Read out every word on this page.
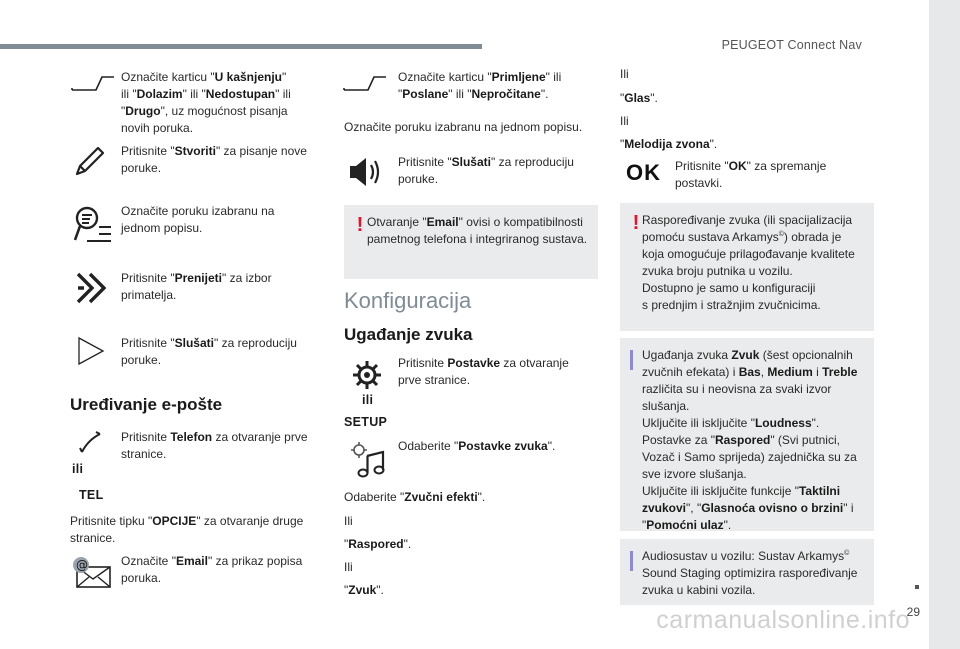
PEUGEOT Connect Nav
29
carmanualsonline.info
Označite karticu "U kašnjenju"
ili "Dolazim" ili "Nedostupan" ili
"Drugo", uz mogućnost pisanja
novih poruka.
Pritisnite "Stvoriti" za pisanje nove
poruke.
Označite poruku izabranu na
jednom popisu.
Pritisnite "Prenijeti" za izbor
primatelja.
Pritisnite "Slušati" za reproduciju
poruke.
Uređivanje e-pošte
ili
TEL
Pritisnite Telefon za otvaranje prve
stranice.
Pritisnite tipku "OPCIJE" za otvaranje druge
stranice.
@	Označite "Email" za prikaz popisa
poruka.
Označite karticu "Primljene" ili
"Poslane" ili "Nepročitane".
Označite poruku izabranu na jednom popisu.
Pritisnite "Slušati" za reproduciju
poruke.
! Otvaranje "Email" ovisi o kompatibilnosti
pametnog telefona i integriranog sustava.
Konfiguracija
Ugađanje zvuka
ili
SETUP
Pritisnite Postavke za otvaranje
prve stranice.
Odaberite "Postavke zvuka".
Odaberite "Zvučni efekti".
Ili
"Raspored".
Ili
"Zvuk".
Ili
"Glas".
Ili
"Melodija zvona".
OK Pritisnite "OK" za spremanje
postavki.
! Raspoređivanje zvuka (ili spacijalizacija
pomoću sustava Arkamys©) obrada je
koja omogućuje prilagođavanje kvalitete
zvuka broju putnika u vozilu.
Dostupno je samo u konfiguraciji
s prednjim i stražnjim zvučnicima.
Ugađanja zvuka Zvuk (šest opcionalnih
zvučnih efekata) i Bas, Medium i Treble
različita su i neovisna za svaki izvor
slušanja.
Uključite ili isključite "Loudness".
Postavke za "Raspored" (Svi putnici,
Vozač i Samo sprijeda) zajednička su za
sve izvore slušanja.
Uključite ili isključite funkcije "Taktilni
zvukovi", "Glasnoća ovisno o brzini" i
"Pomoćni ulaz".
Audiosustav u vozilu: Sustav Arkamys©
Sound Staging optimizira raspoređivanje
zvuka u kabini vozila.
